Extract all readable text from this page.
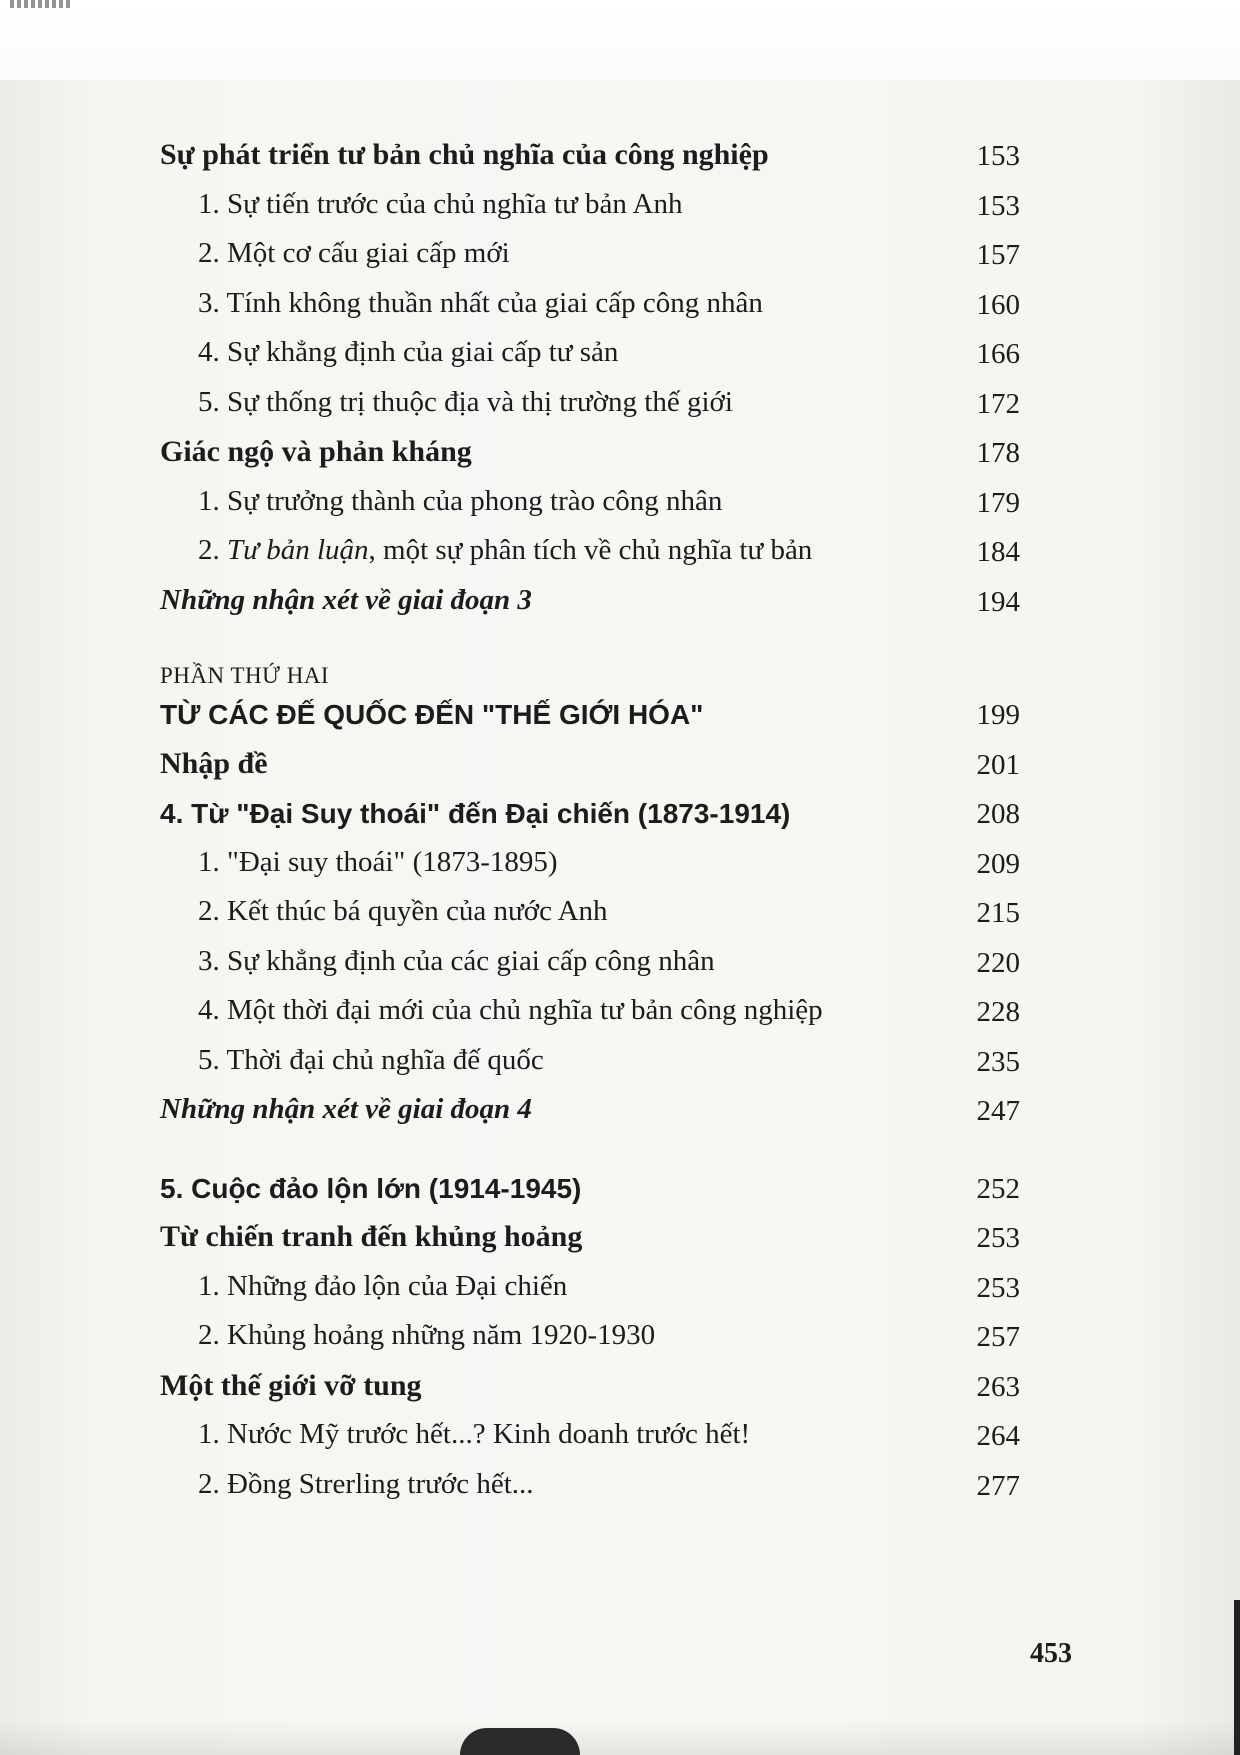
Sự phát triển tư bản chủ nghĩa của công nghiệp	153
1. Sự tiến trước của chủ nghĩa tư bản Anh	153
2. Một cơ cấu giai cấp mới	157
3. Tính không thuần nhất của giai cấp công nhân	160
4. Sự khẳng định của giai cấp tư sản	166
5. Sự thống trị thuộc địa và thị trường thế giới	172
Giác ngộ và phản kháng	178
1. Sự trưởng thành của phong trào công nhân	179
2. Tư bản luận, một sự phân tích về chủ nghĩa tư bản	184
Những nhận xét về giai đoạn 3	194
PHẦN THỨ HAI
TỪ CÁC ĐẾ QUỐC ĐẾN "THẾ GIỚI HÓA"	199
Nhập đề	201
4. Từ "Đại Suy thoái" đến Đại chiến (1873-1914)	208
1. "Đại suy thoái" (1873-1895)	209
2. Kết thúc bá quyền của nước Anh	215
3. Sự khẳng định của các giai cấp công nhân	220
4. Một thời đại mới của chủ nghĩa tư bản công nghiệp	228
5. Thời đại chủ nghĩa đế quốc	235
Những nhận xét về giai đoạn 4	247
5. Cuộc đảo lộn lớn (1914-1945)	252
Từ chiến tranh đến khủng hoảng	253
1. Những đảo lộn của Đại chiến	253
2. Khủng hoảng những năm 1920-1930	257
Một thế giới vỡ tung	263
1. Nước Mỹ trước hết...? Kinh doanh trước hết!	264
2. Đồng Strerling trước hết...	277
453
